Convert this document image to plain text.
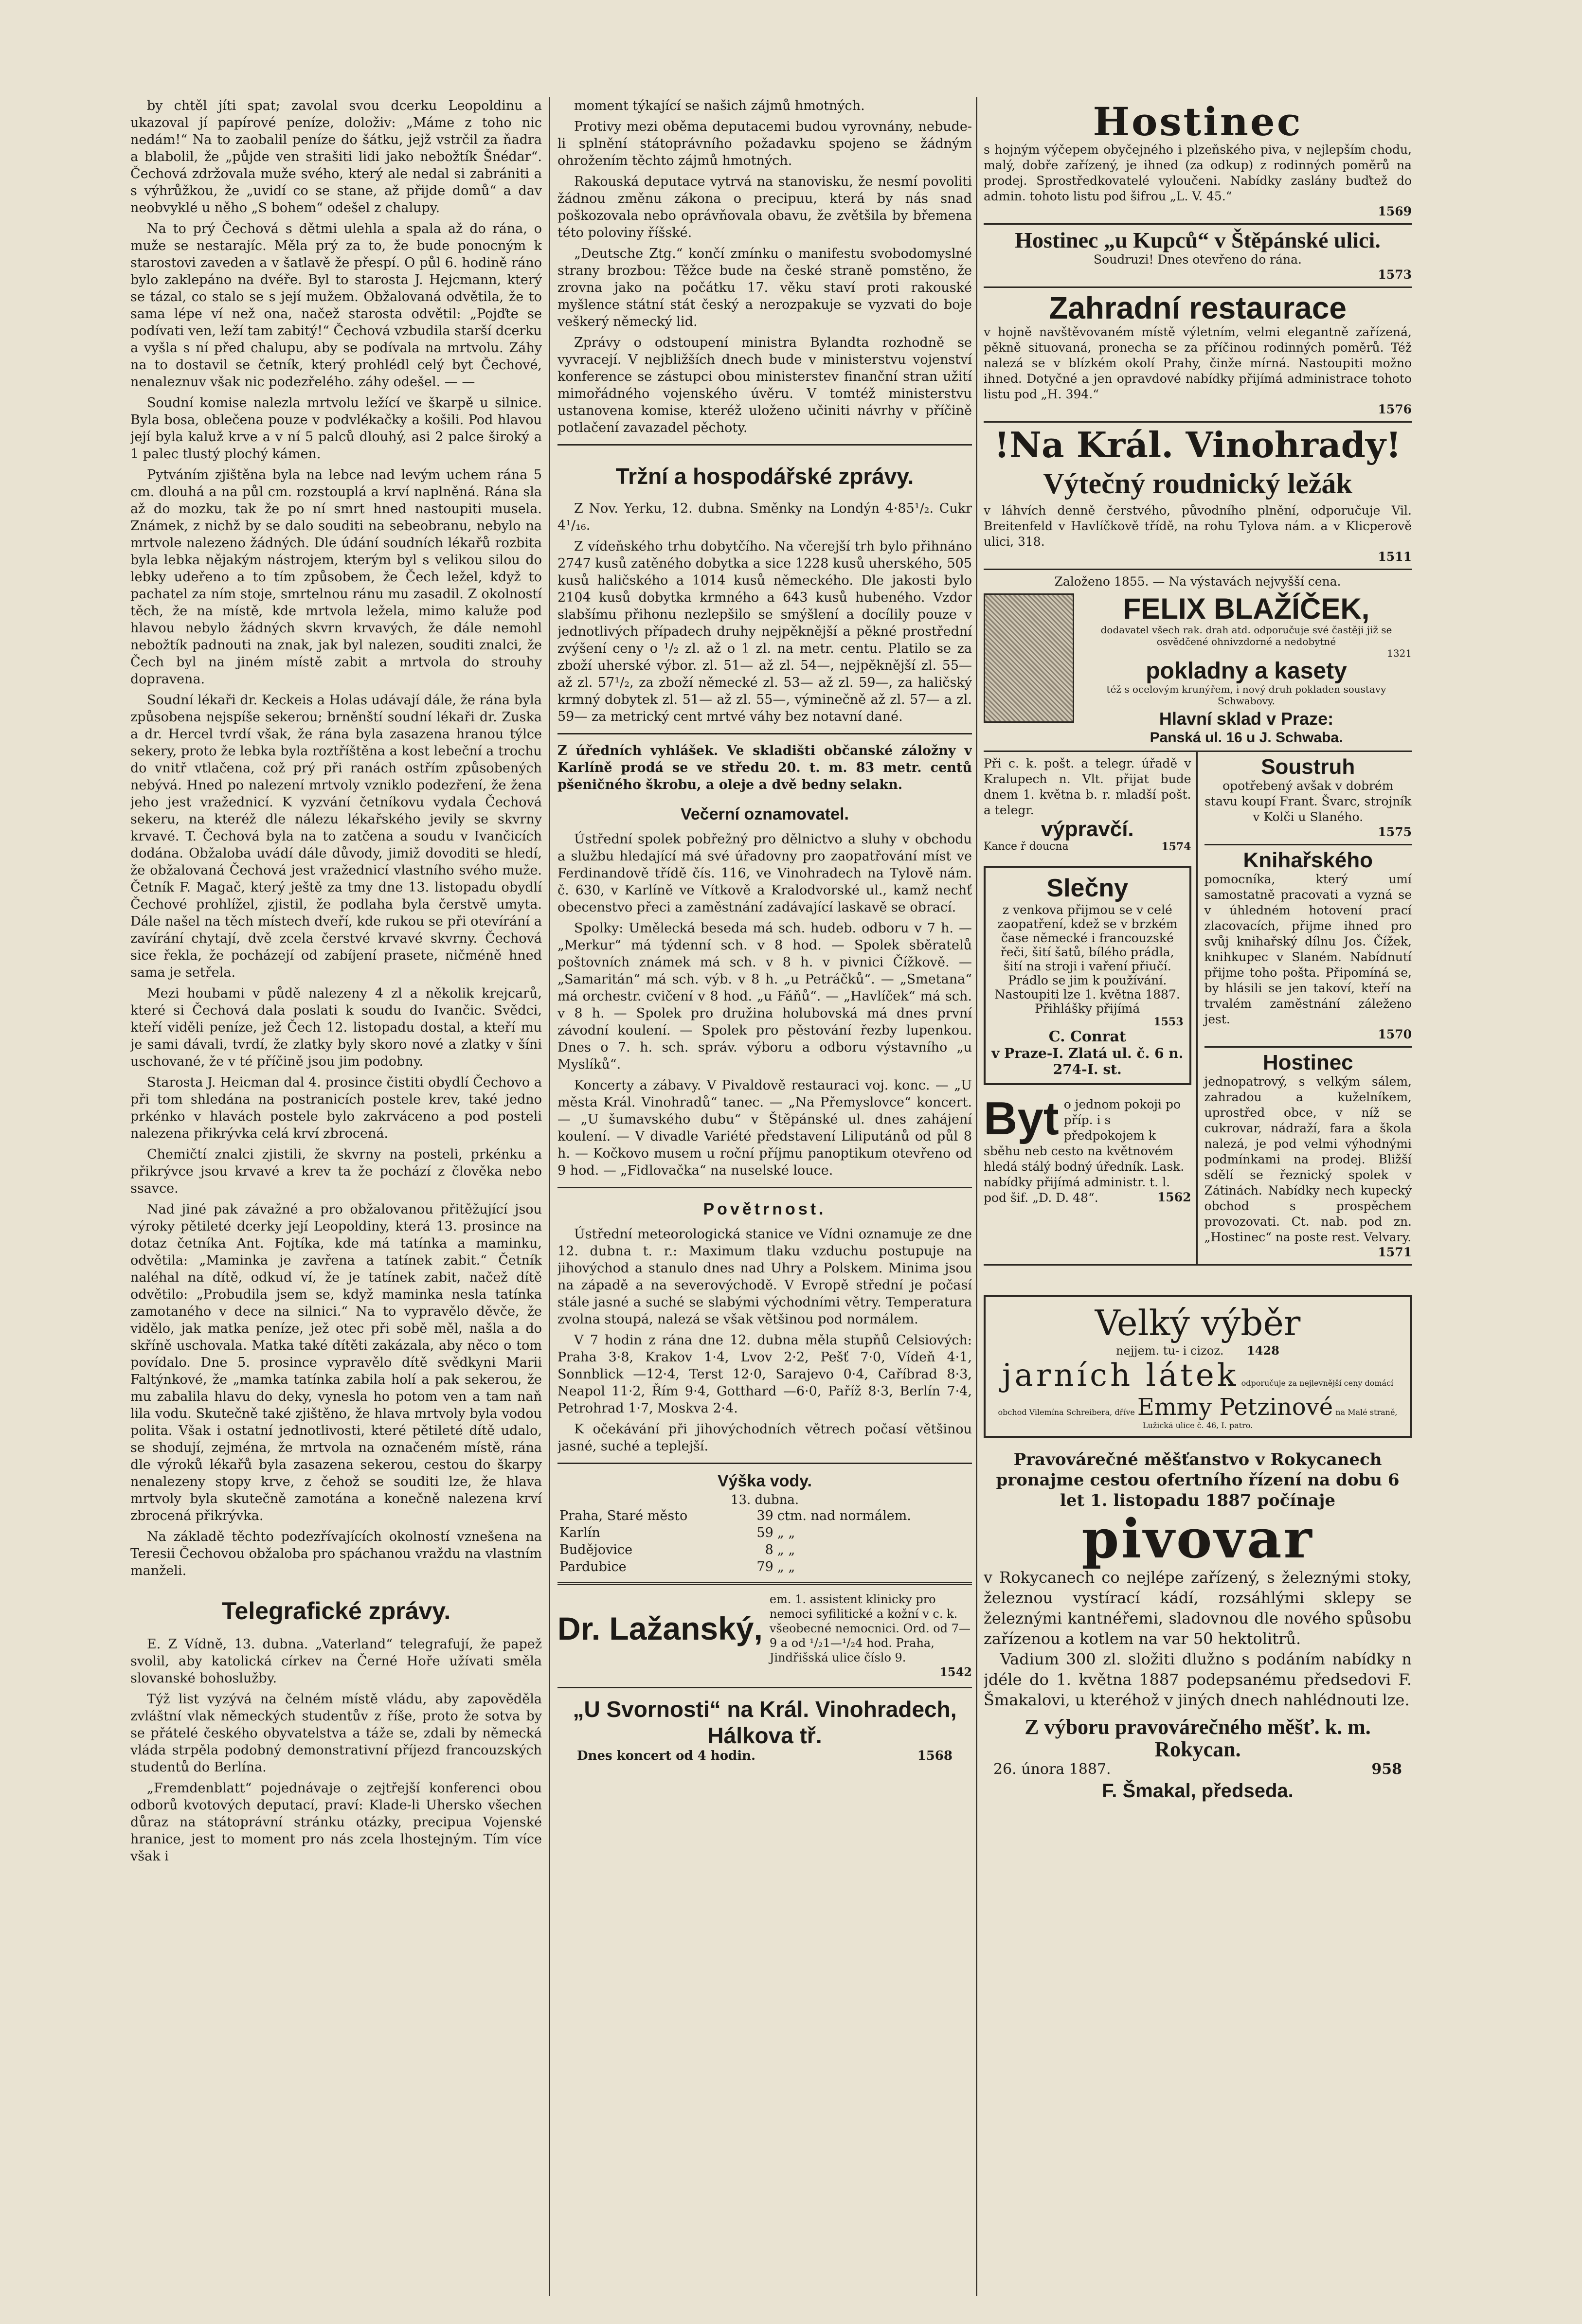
by chtěl jíti spat; zavolal svou dcerku Leopoldinu a ukazoval jí papírové peníze, doloživ: „Máme z toho nic nedám!“ Na to zaobalil peníze do šátku, jejž vstrčil za ňadra a blabolil, že „půjde ven strašiti lidi jako nebožtík Šnédar“. Čechová zdržovala muže svého, který ale nedal si zabrániti a s výhrůžkou, že „uvidí co se stane, až přijde domů“ a dav neobvyklé u něho „S bohem“ odešel z chalupy.

Na to prý Čechová s dětmi ulehla a spala až do rána, o muže se nestarajíc. Měla prý za to, že bude ponocným k starostovi zaveden a v šatlavě že přespí. O půl 6. hodině ráno bylo zaklepáno na dvéře. Byl to starosta J. Hejcmann, který se tázal, co stalo se s její mužem. Obžalovaná odvětila, že to sama lépe ví než ona, načež starosta odvětil: „Pojďte se podívati ven, leží tam zabitý!“ Čechová vzbudila starší dcerku a vyšla s ní před chalupu, aby se podívala na mrtvolu. Záhy na to dostavil se četník, který prohlédl celý byt Čechové, nenaleznuv však nic podezřelého. záhy odešel. — —

Soudní komise nalezla mrtvolu ležící ve škarpě u silnice. Byla bosa, oblečena pouze v podvlékačky a košili. Pod hlavou její byla kaluž krve a v ní 5 palců dlouhý, asi 2 palce široký a 1 palec tlustý plochý kámen.

Pytváním zjištěna byla na lebce nad levým uchem rána 5 cm. dlouhá a na půl cm. rozstouplá a krví naplněná. Rána sla až do mozku, tak že po ní smrt hned nastoupiti musela. Známek, z nichž by se dalo souditi na sebeobranu, nebylo na mrtvole nalezeno žádných. Dle údání soudních lékařů rozbita byla lebka nějakým nástrojem, kterým byl s velikou silou do lebky udeřeno a to tím způsobem, že Čech ležel, když to pachatel za ním stoje, smrtelnou ránu mu zasadil. Z okolností těch, že na místě, kde mrtvola ležela, mimo kaluže pod hlavou nebylo žádných skvrn krvavých, že dále nemohl nebožtík padnouti na znak, jak byl nalezen, souditi znalci, že Čech byl na jiném místě zabit a mrtvola do strouhy dopravena.

Soudní lékaři dr. Keckeis a Holas udávají dále, že rána byla způsobena nejspíše sekerou; brněnští soudní lékaři dr. Zuska a dr. Hercel tvrdí však, že rána byla zasazena hranou týlce sekery, proto že lebka byla roztříštěna a kost lebeční a trochu do vnitř vtlačena, což prý při ranách ostřím způsobených nebývá. Hned po nalezení mrtvoly vzniklo podezření, že žena jeho jest vražednicí. K vyzvání četníkovu vydala Čechová sekeru, na kteréž dle nálezu lékařského jevily se skvrny krvavé. T. Čechová byla na to zatčena a soudu v Ivančicích dodána. Obžaloba uvádí dále důvody, jimiž dovoditi se hledí, že obžalovaná Čechová jest vražednicí vlastního svého muže. Četník F. Magač, který ještě za tmy dne 13. listopadu obydlí Čechové prohlížel, zjistil, že podlaha byla čerstvě umyta. Dále našel na těch místech dveří, kde rukou se při otevírání a zavírání chytají, dvě zcela čerstvé krvavé skvrny. Čechová sice řekla, že pocházejí od zabíjení prasete, ničméně hned sama je setřela.

Mezi houbami v půdě nalezeny 4 zl a několik krejcarů, které si Čechová dala poslati k soudu do Ivančic. Svědci, kteří viděli peníze, jež Čech 12. listopadu dostal, a kteří mu je sami dávali, tvrdí, že zlatky byly skoro nové a zlatky v šíni uschované, že v té příčině jsou jim podobny.

Starosta J. Heicman dal 4. prosince čistiti obydlí Čechovo a při tom shledána na postranicích postele krev, také jedno prkénko v hlavách postele bylo zakrváceno a pod posteli nalezena přikrývka celá krví zbrocená.

Chemičtí znalci zjistili, že skvrny na posteli, prkénku a přikrývce jsou krvavé a krev ta že pochází z člověka nebo ssavce.

Nad jiné pak závažné a pro obžalovanou přitěžující jsou výroky pětileté dcerky její Leopoldiny, která 13. prosince na dotaz četníka Ant. Fojtíka, kde má tatínka a maminku, odvětila: „Maminka je zavřena a tatínek zabit.“ Četník naléhal na dítě, odkud ví, že je tatínek zabit, načež dítě odvětilo: „Probudila jsem se, když maminka nesla tatínka zamotaného v dece na silnici.“ Na to vypravělo děvče, že vidělo, jak matka peníze, jež otec při sobě měl, našla a do skříně uschovala. Matka také dítěti zakázala, aby něco o tom povídalo. Dne 5. prosince vypravělo dítě svědkyni Marii Faltýnkové, že „mamka tatínka zabila holí a pak sekerou, že mu zabalila hlavu do deky, vynesla ho potom ven a tam naň lila vodu. Skutečně také zjištěno, že hlava mrtvoly byla vodou polita. Však i ostatní jednotlivosti, které pětileté dítě udalo, se shodují, zejména, že mrtvola na označeném místě, rána dle výroků lékařů byla zasazena sekerou, cestou do škarpy nenalezeny stopy krve, z čehož se souditi lze, že hlava mrtvoly byla skutečně zamotána a konečně nalezena krví zbrocená přikrývka.

Na základě těchto podezřívajících okolností vznešena na Teresii Čechovou obžaloba pro spáchanou vraždu na vlastním manželi.

Telegrafické zprávy.

E. Z Vídně, 13. dubna. „Vaterland“ telegrafují, že papež svolil, aby katolická církev na Černé Hoře užívati směla slovanské bohoslužby.

Týž list vyzývá na čelném místě vládu, aby zapověděla zvláštní vlak německých studentův z říše, proto že sotva by se přátelé českého obyvatelstva a táže se, zdali by německá vláda strpěla podobný demonstrativní příjezd francouzských studentů do Berlína.

„Fremdenblatt“ pojednávaje o zejtřejší konferenci obou odborů kvotových deputací, praví: Klade-li Uhersko všechen důraz na státoprávní stránku otázky, precipua Vojenské hranice, jest to moment pro nás zcela lhostejným. Tím více však i

moment týkající se našich zájmů hmotných.

Protivy mezi oběma deputacemi budou vyrovnány, nebude-li splnění státoprávního požadavku spojeno se žádným ohrožením těchto zájmů hmotných.

Rakouská deputace vytrvá na stanovisku, že nesmí povoliti žádnou změnu zákona o precipuu, která by nás snad poškozovala nebo oprávňovala obavu, že zvětšila by břemena této poloviny říšské.

„Deutsche Ztg.“ končí zmínku o manifestu svobodomyslné strany brozbou: Těžce bude na české straně pomstěno, že zrovna jako na počátku 17. věku staví proti rakouské myšlence státní stát český a nerozpakuje se vyzvati do boje veškerý německý lid.

Zprávy o odstoupení ministra Bylandta rozhodně se vyvracejí. V nejbližších dnech bude v ministerstvu vojenství konference se zástupci obou ministerstev finanční stran užití mimořádného vojenského úvěru. V tomtéž ministerstvu ustanovena komise, kteréž uloženo učiniti návrhy v příčině potlačení zavazadel pěchoty.

Tržní a hospodářské zprávy.

Z Nov. Yerku, 12. dubna. Směnky na Londýn 4·85¹/₂. Cukr 4¹/₁₆.

Z vídeňského trhu dobytčího. Na včerejší trh bylo přihnáno 2747 kusů zatěného dobytka a sice 1228 kusů uherského, 505 kusů haličského a 1014 kusů německého. Dle jakosti bylo 2104 kusů dobytka krmného a 643 kusů hubeného. Vzdor slabšímu přihonu nezlepšilo se smýšlení a docílily pouze v jednotlivých případech druhy nejpěknější a pěkné prostřední zvýšení ceny o ¹/₂ zl. až o 1 zl. na metr. centu. Platilo se za zboží uherské výbor. zl. 51— až zl. 54—, nejpěknější zl. 55— až zl. 57¹/₂, za zboží německé zl. 53— až zl. 59—, za haličský krmný dobytek zl. 51— až zl. 55—, výminečně až zl. 57— a zl. 59— za metrický cent mrtvé váhy bez notavní dané.

Z úředních vyhlášek. Ve skladišti občanské záložny v Karlíně prodá se ve středu 20. t. m. 83 metr. centů pšeničného škrobu, a oleje a dvě bedny selakn.

Večerní oznamovatel.

Ústřední spolek pobřežný pro dělnictvo a sluhy v obchodu a službu hledající má své úřadovny pro zaopatřování míst ve Ferdinandově třídě čís. 116, ve Vinohradech na Tylově nám. č. 630, v Karlíně ve Vítkově a Kralodvorské ul., kamž nechť obecenstvo přeci a zaměstnání zadávající laskavě se obrací.

Spolky: Umělecká beseda má sch. hudeb. odboru v 7 h. — „Merkur“ má týdenní sch. v 8 hod. — Spolek sběratelů poštovních známek má sch. v 8 h. v pivnici Čížkově. — „Samaritán“ má sch. výb. v 8 h. „u Petráčků“. — „Smetana“ má orchestr. cvičení v 8 hod. „u Fáňů“. — „Havlíček“ má sch. v 8 h. — Spolek pro družina holubovská má dnes první závodní koulení. — Spolek pro pěstování řezby lupenkou. Dnes o 7. h. sch. správ. výboru a odboru výstavního „u Myslíků“.

Koncerty a zábavy. V Pivaldově restauraci voj. konc. — „U města Král. Vinohradů“ tanec. — „Na Přemyslovce“ koncert. — „U šumavského dubu“ v Štěpánské ul. dnes zahájení koulení. — V divadle Variété představení Liliputánů od půl 8 h. — Kočkovo musem u roční příjmu panoptikum otevřeno od 9 hod. — „Fidlovačka“ na nuselské louce.

Povětrnost.

Ústřední meteorologická stanice ve Vídni oznamuje ze dne 12. dubna t. r.: Maximum tlaku vzduchu postupuje na jihovýchod a stanulo dnes nad Uhry a Polskem. Minima jsou na západě a na severovýchodě. V Evropě střední je počasí stále jasné a suché se slabými východními větry. Temperatura zvolna stoupá, nalezá se však většinou pod normálem.

V 7 hodin z rána dne 12. dubna měla stupňů Celsiových: Praha 3·8, Krakov 1·4, Lvov 2·2, Pešť 7·0, Vídeň 4·1, Sonnblick —12·4, Terst 12·0, Sarajevo 0·4, Caříbrad 8·3, Neapol 11·2, Řím 9·4, Gotthard —6·0, Paříž 8·3, Berlín 7·4, Petrohrad 1·7, Moskva 2·4.

K očekávání při jihovýchodních větrech počasí většinou jasné, suché a teplejší.

Výška vody.
13. dubna.
Praha, Staré město	39	ctm. nad normálem.
Karlín	59	„ „
Budějovice	8	„ „
Pardubice	79	„ „
Dr. Lažanský,
em. 1. assistent klinicky pro nemoci syfilitické a kožní v c. k. všeobecné nemocnici. Ord. od 7—9 a od ¹/₂1—¹/₂4 hod. Praha, Jindřišská ulice číslo 9.
1542
„U Svornosti“ na Král. Vinohradech, Hálkova tř.
Dnes koncert od 4 hodin.	1568
Hostinec
s hojným výčepem obyčejného i plzeňského piva, v nejlepším chodu, malý, dobře zařízený, je ihned (za odkup) z rodinných poměrů na prodej. Sprostředkovatelé vyloučeni. Nabídky zaslány buďtež do admin. tohoto listu pod šifrou „L. V. 45.“
1569
Hostinec „u Kupců“ v Štěpánské ulici.
Soudruzi! Dnes otevřeno do rána.
1573
Zahradní restaurace
v hojně navštěvovaném místě výletním, velmi elegantně zařízená, pěkně situovaná, pronecha se za příčinou rodinných poměrů. Též nalezá se v blízkém okolí Prahy, činže mírná. Nastoupiti možno ihned. Dotyčné a jen opravdové nabídky přijímá administrace tohoto listu pod „H. 394.“
1576
!Na Král. Vinohrady!
Výtečný roudnický ležák
v láhvích denně čerstvého, původního plnění, odporučuje Vil. Breitenfeld v Havlíčkově třídě, na rohu Tylova nám. a v Klicperově ulici, 318.
1511
Založeno 1855. — Na výstavách nejvyšší cena.
FELIX BLAŽÍČEK,
dodavatel všech rak. drah atd. odporučuje své častěji již se osvědčené ohnivzdorné a nedobytné
1321
pokladny a kasety
též s ocelovým krunýřem, i nový druh pokladen soustavy Schwabovy.
Hlavní sklad v Praze:
Panská ul. 16 u J. Schwaba.
Při c. k. pošt. a telegr. úřadě v Kralupech n. Vlt. přijat bude dnem 1. května b. r. mladší pošt. a telegr.
výpravčí.
Kance ř doucna	1574
Slečny
z venkova přijmou se v celé zaopatření, kdež se v brzkém čase německé i francouzské řeči, šití šatů, bílého prádla, šití na stroji i vaření přiučí. Prádlo se jim k používání. Nastoupiti lze 1. května 1887. Přihlášky přijímá
1553
C. Conrat
v Praze-I. Zlatá ul. č. 6 n. 274-I. st.
Byt o jednom pokoji po příp. i s předpokojem k sběhu neb cesto na květnovém hledá stálý bodný úředník. Lask. nabídky přijímá administr. t. l. pod šif. „D. D. 48“.	1562
Soustruh
opotřebený avšak v dobrém stavu koupí Frant. Švarc, strojník v Kolči u Slaného.
1575
Knihařského
pomocníka, který umí samostatně pracovati a vyzná se v úhledném hotovení prací zlacovacích, přijme ihned pro svůj knihařský dílnu Jos. Čížek, knihkupec v Slaném. Nabídnutí přijme toho pošta. Připomíná se, by hlásili se jen takoví, kteří na trvalém zaměstnání záleženo jest.
1570
Hostinec
jednopatrový, s velkým sálem, zahradou a kuželníkem, uprostřed obce, v níž se cukrovar, nádraží, fara a škola nalezá, je pod velmi výhodnými podmínkami na prodej. Bližší sdělí se řeznický spolek v Zátinách. Nabídky nech kupecký obchod s prospěchem provozovati. Ct. nab. pod zn. „Hostinec“ na poste rest. Velvary.
1571
Velký výběr
nejjem. tu- i cizoz. 1428
jarních látek odporučuje za nejlevnější ceny domácí obchod Vilemína Schreibera, dříve Emmy Petzinové na Malé straně, Lužická ulice č. 46, I. patro.
Pravovárečné měšťanstvo v Rokycanech pronajme cestou ofertního řízení na dobu 6 let 1. listopadu 1887 počínaje
pivovar
v Rokycanech co nejlépe zařízený, s železnými stoky, železnou vystírací kádí, rozsáhlými sklepy se železnými kantnéřemi, sladovnou dle nového spůsobu zařízenou a kotlem na var 50 hektolitrů.
Vadium 300 zl. složiti dlužno s podáním nabídky n jdéle do 1. května 1887 podepsanému předsedovi F. Šmakalovi, u kteréhož v jiných dnech nahlédnouti lze.
Z výboru pravovárečného měšť. k. m. Rokycan.
26. února 1887.	958
F. Šmakal, předseda.
